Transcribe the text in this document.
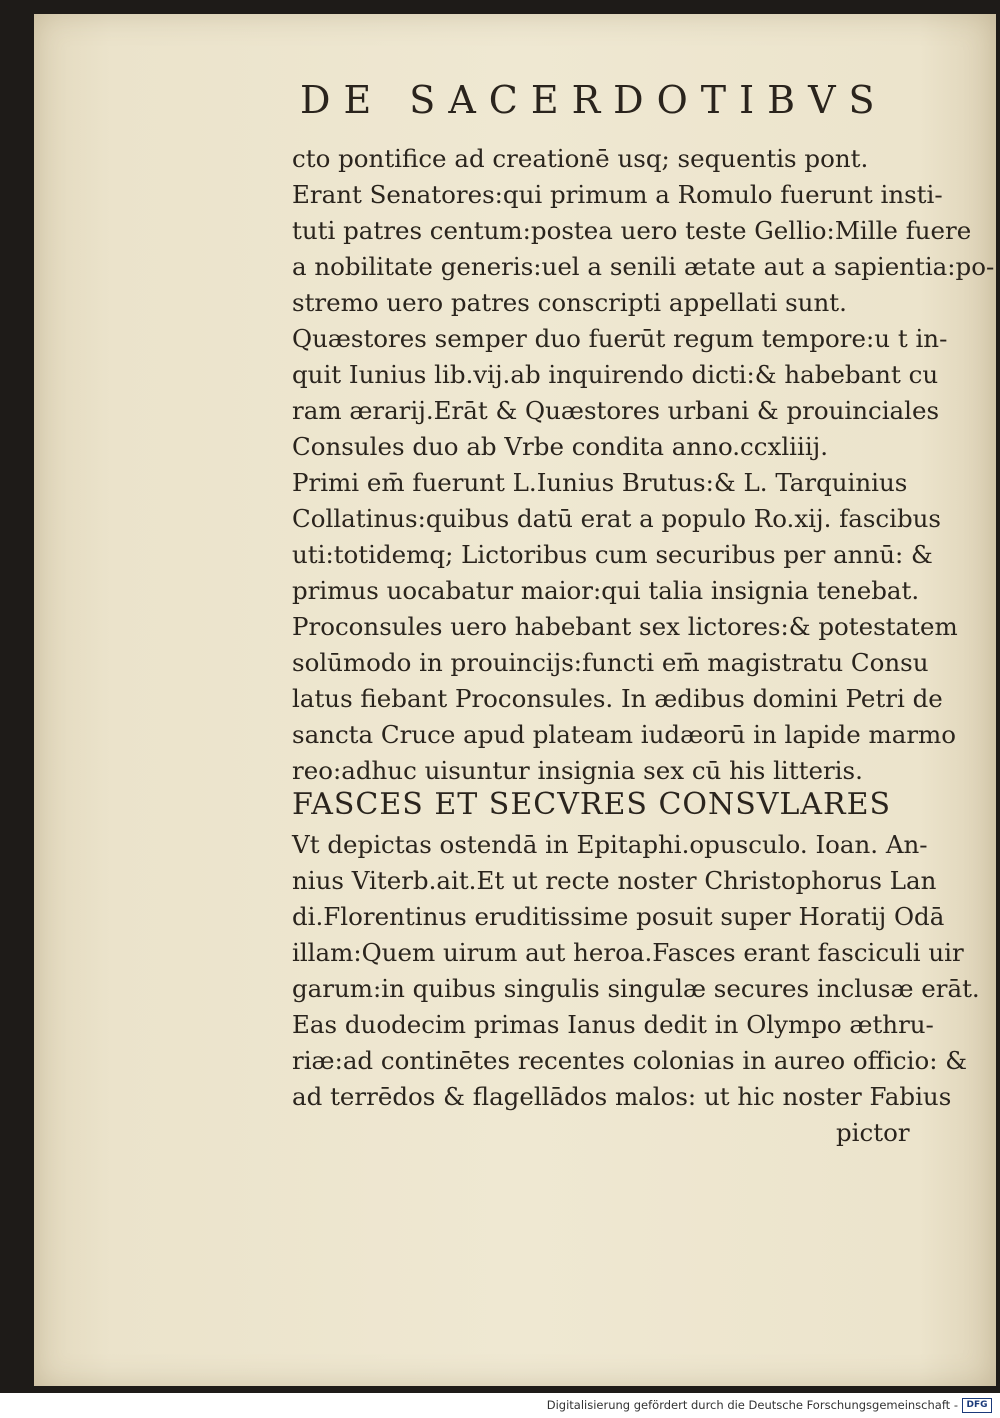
DE SACERDOTIBVS
cto pontifice ad creationē usq; sequentis pont.
Erant Senatores:qui primum a Romulo fuerunt insti-
tuti patres centum:postea uero teste Gellio:Mille fuere
a nobilitate generis:uel a senili ætate aut a sapientia:po-
stremo uero patres conscripti appellati sunt.
Quæstores semper duo fuerūt regum tempore:u t in-
quit Iunius lib.vij.ab inquirendo dicti:& habebant cu
ram ærarij.Erāt & Quæstores urbani & prouinciales
Consules duo ab Vrbe condita anno.ccxliiij.
Primi em̄ fuerunt L.Iunius Brutus:& L. Tarquinius
Collatinus:quibus datū erat a populo Ro.xij. fascibus
uti:totidemq; Lictoribus cum securibus per annū: &
primus uocabatur maior:qui talia insignia tenebat.
Proconsules uero habebant sex lictores:& potestatem
solūmodo in prouincijs:functi em̄ magistratu Consu
latus fiebant Proconsules. In ædibus domini Petri de
sancta Cruce apud plateam iudæorū in lapide marmo
reo:adhuc uisuntur insignia sex cū his litteris.
FASCES ET SECVRES CONSVLARES
Vt depictas ostendā in Epitaphi.opusculo. Ioan. An-
nius Viterb.ait.Et ut recte noster Christophorus Lan
di.Florentinus eruditissime posuit super Horatij Odā
illam:Quem uirum aut heroa.Fasces erant fasciculi uir
garum:in quibus singulis singulæ secures inclusæ erāt.
Eas duodecim primas Ianus dedit in Olympo æthru-
riæ:ad continētes recentes colonias in aureo officio: &
ad terrēdos & flagellādos malos: ut hic noster Fabius
pictor
Digitalisierung gefördert durch die Deutsche Forschungsgemeinschaft - DFG
